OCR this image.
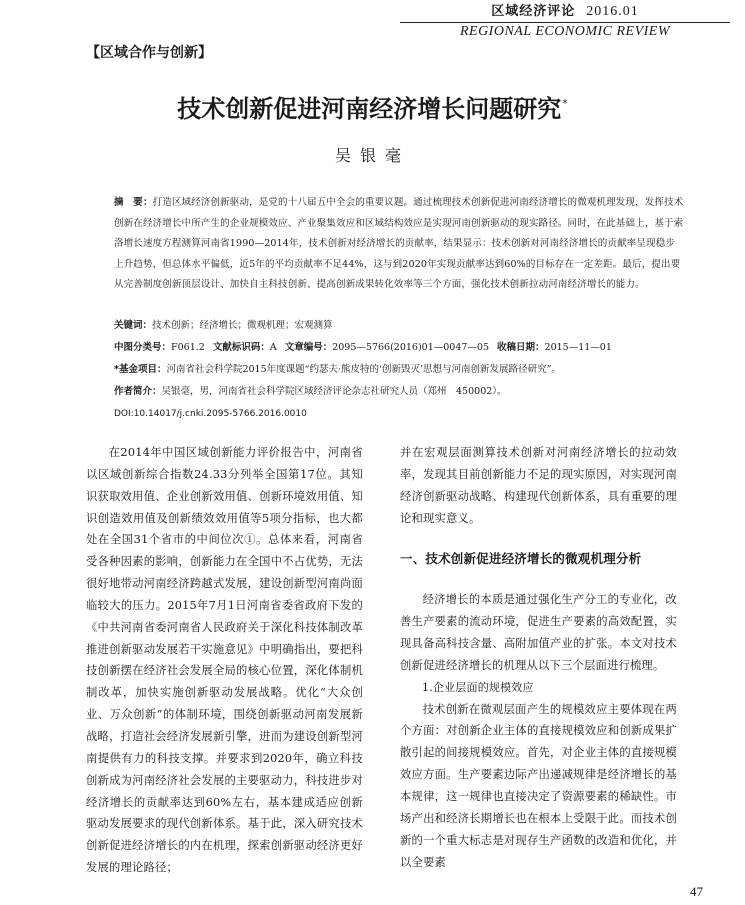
区域经济评论 2016.01
REGIONAL ECONOMIC REVIEW
【区域合作与创新】
技术创新促进河南经济增长问题研究*
吴银毫
摘　要：打造区域经济创新驱动，是党的十八届五中全会的重要议题。通过梳理技术创新促进河南经济增长的微观机理发现，发挥技术创新在经济增长中所产生的企业规模效应、产业聚集效应和区域结构效应是实现河南创新驱动的现实路径。同时，在此基础上，基于索洛增长速度方程测算河南省1990—2014年，技术创新对经济增长的贡献率，结果显示：技术创新对河南经济增长的贡献率呈现稳步上升趋势，但总体水平偏低，近5年的平均贡献率不足44%，这与到2020年实现贡献率达到60%的目标存在一定差距。最后，提出要从完善制度创新顶层设计、加快自主科技创新、提高创新成果转化效率等三个方面，强化技术创新拉动河南经济增长的能力。
关键词：技术创新；经济增长；微观机理；宏观测算
中图分类号：F061.2 文献标识码：A 文章编号：2095—5766(2016)01—0047—05 收稿日期：2015—11—01
*基金项目：河南省社会科学院2015年度课题“约瑟夫·熊皮特的‘创新毁灭’思想与河南创新发展路径研究”。
作者简介：吴银毫，男，河南省社会科学院区域经济评论杂志社研究人员（郑州　450002）。
DOI:10.14017/j.cnki.2095-5766.2016.0010

在2014年中国区域创新能力评价报告中，河南省以区域创新综合指数24.33分列举全国第17位。其知识获取效用值、企业创新效用值、创新环境效用值、知识创造效用值及创新绩效效用值等5项分指标，也大都处在全国31个省市的中间位次①。总体来看，河南省受各种因素的影响，创新能力在全国中不占优势，无法很好地带动河南经济跨越式发展，建设创新型河南尚面临较大的压力。2015年7月1日河南省委省政府下发的《中共河南省委河南省人民政府关于深化科技体制改革推进创新驱动发展若干实施意见》中明确指出，要把科技创新摆在经济社会发展全局的核心位置，深化体制机制改革，加快实施创新驱动发展战略。优化“大众创业、万众创新”的体制环境，围绕创新驱动河南发展新战略，打造社会经济发展新引擎，进而为建设创新型河南提供有力的科技支撑。并要求到2020年，确立科技创新成为河南经济社会发展的主要驱动力，科技进步对经济增长的贡献率达到60%左右，基本建成适应创新驱动发展要求的现代创新体系。基于此，深入研究技术创新促进经济增长的内在机理，探索创新驱动经济更好发展的理论路径；

并在宏观层面测算技术创新对河南经济增长的拉动效率，发现其目前创新能力不足的现实原因，对实现河南经济创新驱动战略、构建现代创新体系，具有重要的理论和现实意义。

一、技术创新促进经济增长的微观机理分析

经济增长的本质是通过强化生产分工的专业化，改善生产要素的流动环境，促进生产要素的高效配置，实现具备高科技含量、高附加值产业的扩张。本文对技术创新促进经济增长的机理从以下三个层面进行梳理。

1.企业层面的规模效应

技术创新在微观层面产生的规模效应主要体现在两个方面：对创新企业主体的直接规模效应和创新成果扩散引起的间接规模效应。首先，对企业主体的直接规模效应方面。生产要素边际产出递减规律是经济增长的基本规律，这一规律也直接决定了资源要素的稀缺性。市场产出和经济长期增长也在根本上受限于此。而技术创新的一个重大标志是对现存生产函数的改造和优化，并以全要素

47
